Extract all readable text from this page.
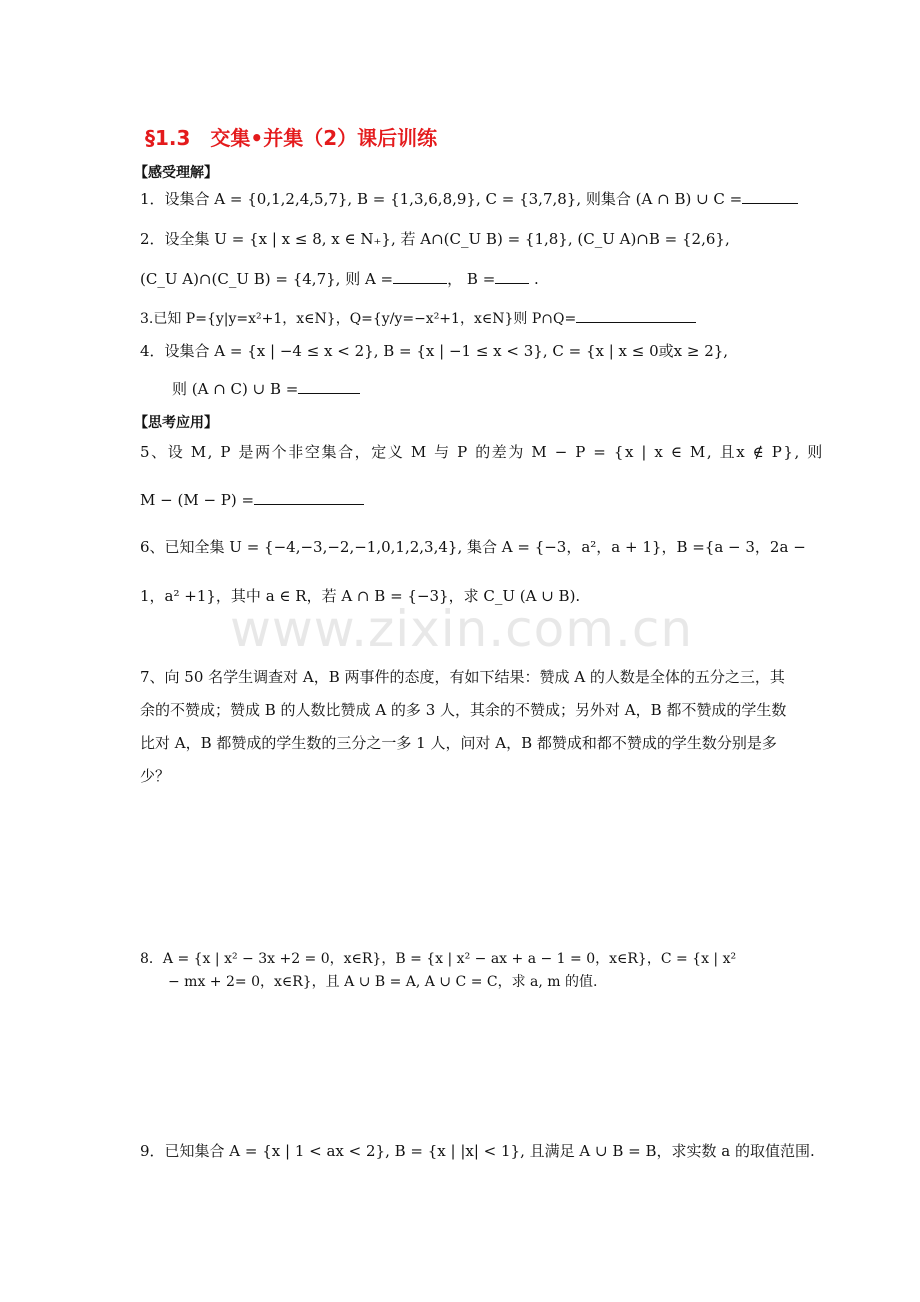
§1.3　交集•并集（2）课后训练
【感受理解】
1．设集合 A = {0,1,2,4,5,7}, B = {1,3,6,8,9}, C = {3,7,8}, 则集合 (A ∩ B) ∪ C =
2．设全集 U = {x | x ≤ 8, x ∈ N₊}, 若 A∩(C_U B) = {1,8}, (C_U A)∩B = {2,6},
(C_U A)∩(C_U B) = {4,7}, 则 A =	， B = .
3.已知 P={y|y=x²+1，x∈N}，Q={y/y=−x²+1，x∈N}则 P∩Q=
4．设集合 A = {x | −4 ≤ x < 2}, B = {x | −1 ≤ x < 3}, C = {x | x ≤ 0或x ≥ 2},
则 (A ∩ C) ∪ B =
【思考应用】
5、设 M, P 是两个非空集合，定义 M 与 P 的差为 M − P = {x | x ∈ M, 且x ∉ P}, 则
M − (M − P) =
6、已知全集 U = {−4,−3,−2,−1,0,1,2,3,4}, 集合 A = {−3，a²，a + 1}，B ={a − 3，2a −
1，a² +1}，其中 a ∈ R，若 A ∩ B = {−3}，求 C_U (A ∪ B).
www.zixin.com.cn
7、向 50 名学生调查对 A，B 两事件的态度，有如下结果：赞成 A 的人数是全体的五分之三，其余的不赞成；赞成 B 的人数比赞成 A 的多 3 人，其余的不赞成；另外对 A，B 都不赞成的学生数比对 A，B 都赞成的学生数的三分之一多 1 人，问对 A，B 都赞成和都不赞成的学生数分别是多少？
8．A = {x | x² − 3x +2 = 0，x∈R}，B = {x | x² − ax + a − 1 = 0，x∈R}，C = {x | x²
− mx + 2= 0，x∈R}，且 A ∪ B = A, A ∪ C = C，求 a, m 的值.
9．已知集合 A = {x | 1 < ax < 2}, B = {x | |x| < 1}, 且满足 A ∪ B = B，求实数 a 的取值范围.
